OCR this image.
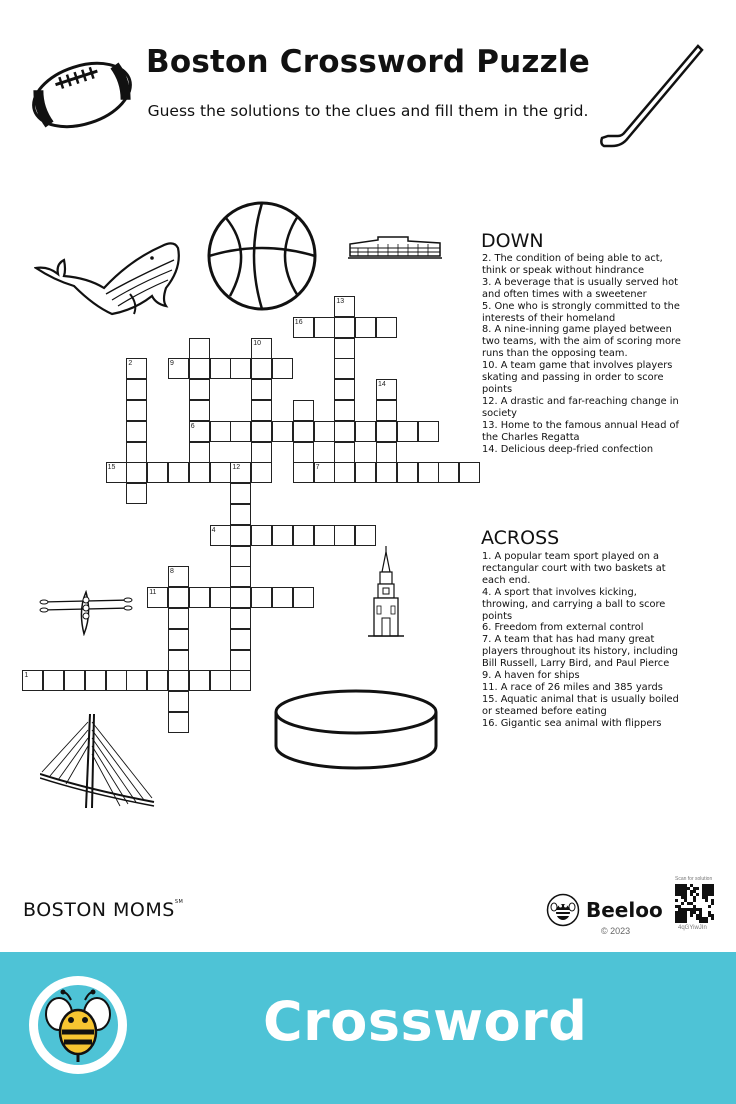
Boston Crossword Puzzle
Guess the solutions to the clues and fill them in the grid.
16
9
6
15	12	7
4
11
1
13
2
10
14
8
DOWN
2. The condition of being able to act, think or speak without hindrance
3. A beverage that is usually served hot and often times with a sweetener
5. One who is strongly committed to the interests of their homeland
8. A nine-inning game played between two teams, with the aim of scoring more runs than the opposing team.
10. A team game that involves players skating and passing in order to score points
12. A drastic and far-reaching change in society
13. Home to the famous annual Head of the Charles Regatta
14. Delicious deep-fried confection
ACROSS
1. A popular team sport played on a rectangular court with two baskets at each end.
4. A sport that involves kicking, throwing, and carrying a ball to score points
6. Freedom from external control
7. A team that has had many great players throughout its history, including Bill Russell, Larry Bird, and Paul Pierce
9. A haven for ships
11. A race of 26 miles and 385 yards
15. Aquatic animal that is usually boiled or steamed before eating
16. Gigantic sea animal with flippers
BOSTON MOMS℠	Beeloo
© 2023
Scan for solution
4qGYiwJIn
Crossword
